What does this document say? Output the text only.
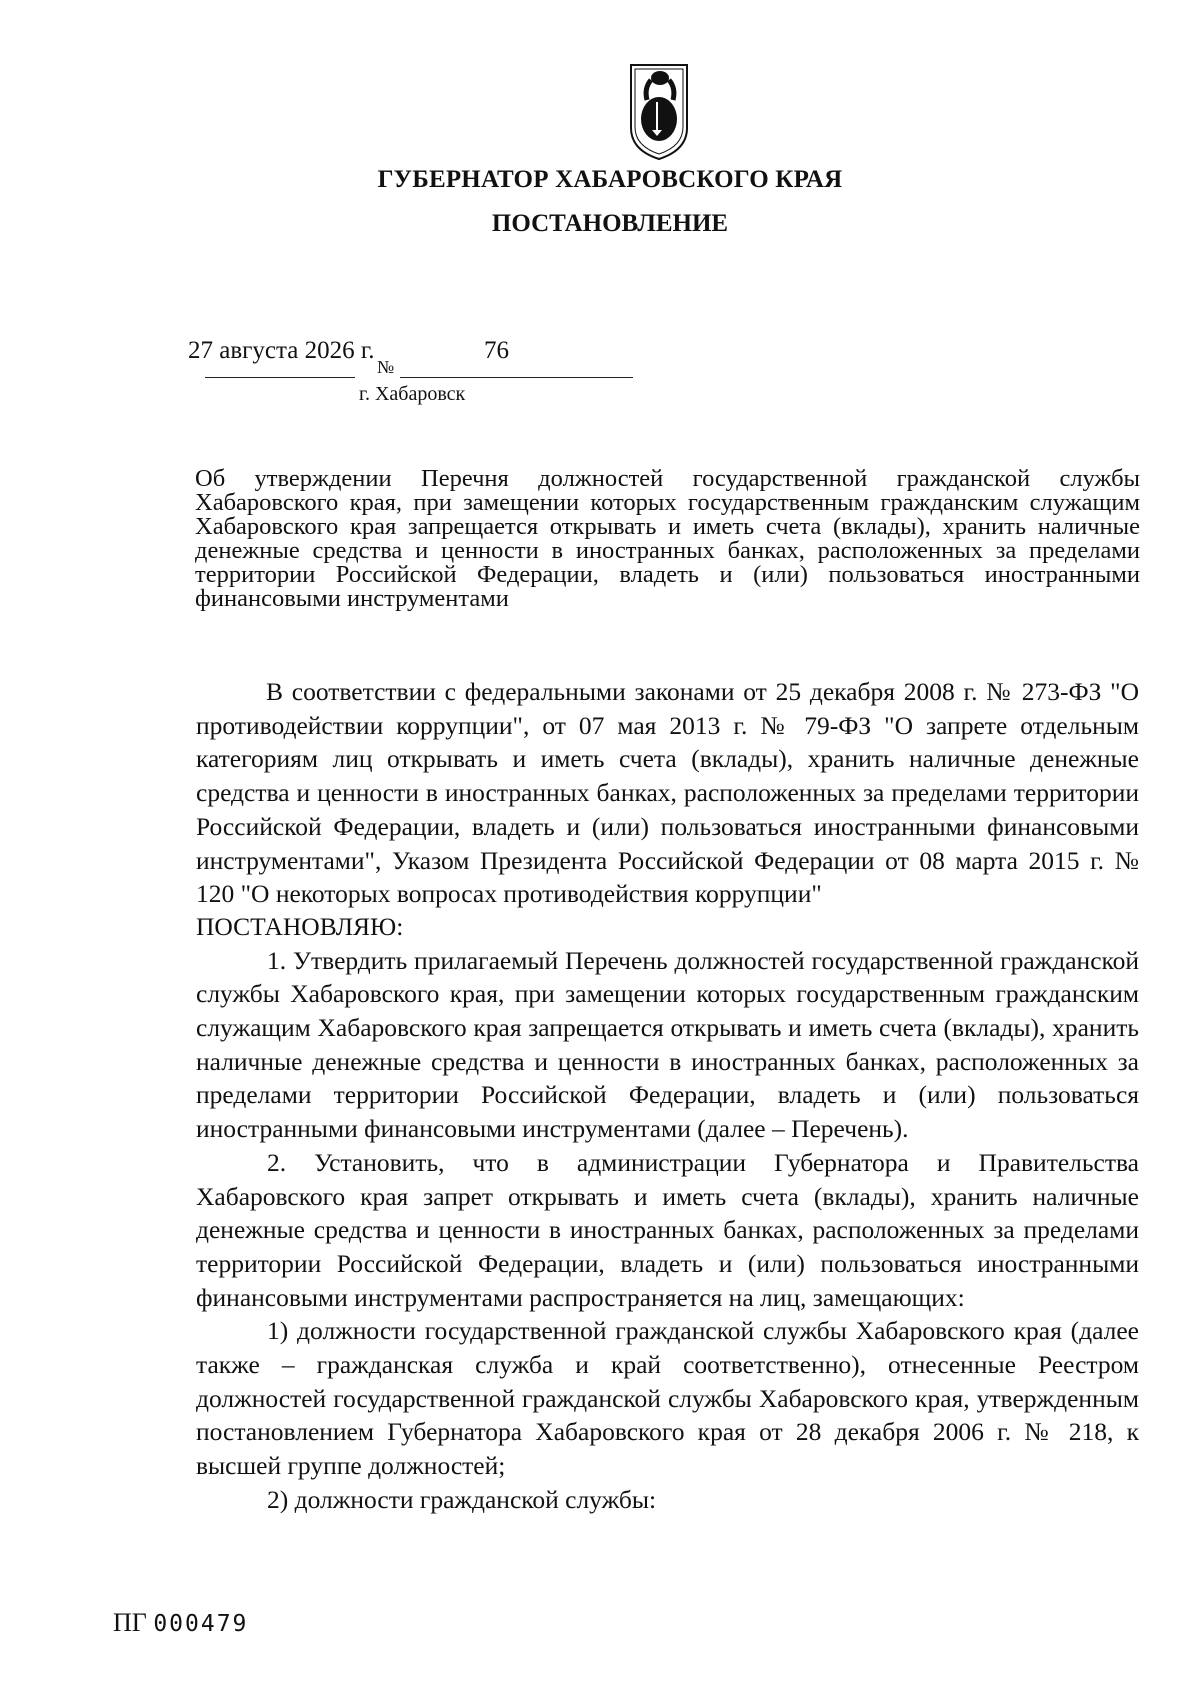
ГУБЕРНАТОР ХАБАРОВСКОГО КРАЯ
ПОСТАНОВЛЕНИЕ
27 августа 2026 г.
№
76
г. Хабаровск
Об утверждении Перечня должностей государственной гражданской службы Хабаровского края, при замещении которых государственным гражданским служащим Хабаровского края запрещается открывать и иметь счета (вклады), хранить наличные денежные средства и ценности в иностранных банках, расположенных за пределами территории Российской Федерации, владеть и (или) пользоваться иностранными финансовыми инструментами

В соответствии с федеральными законами от 25 декабря 2008 г. № 273-ФЗ "О противодействии коррупции", от 07 мая 2013 г. № 79-ФЗ "О запрете отдельным категориям лиц открывать и иметь счета (вклады), хранить наличные денежные средства и ценности в иностранных банках, расположенных за пределами территории Российской Федерации, владеть и (или) пользоваться иностранными финансовыми инструментами", Указом Президента Российской Федерации от 08 марта 2015 г. № 120 "О некоторых вопросах противодействия коррупции"

ПОСТАНОВЛЯЮ:

1. Утвердить прилагаемый Перечень должностей государственной гражданской службы Хабаровского края, при замещении которых государственным гражданским служащим Хабаровского края запрещается открывать и иметь счета (вклады), хранить наличные денежные средства и ценности в иностранных банках, расположенных за пределами территории Российской Федерации, владеть и (или) пользоваться иностранными финансовыми инструментами (далее – Перечень).

2. Установить, что в администрации Губернатора и Правительства Хабаровского края запрет открывать и иметь счета (вклады), хранить наличные денежные средства и ценности в иностранных банках, расположенных за пределами территории Российской Федерации, владеть и (или) пользоваться иностранными финансовыми инструментами распространяется на лиц, замещающих:

1) должности государственной гражданской службы Хабаровского края (далее также – гражданская служба и край соответственно), отнесенные Реестром должностей государственной гражданской службы Хабаровского края, утвержденным постановлением Губернатора Хабаровского края от 28 декабря 2006 г. № 218, к высшей группе должностей;

2) должности гражданской службы:

ПГ 000479
